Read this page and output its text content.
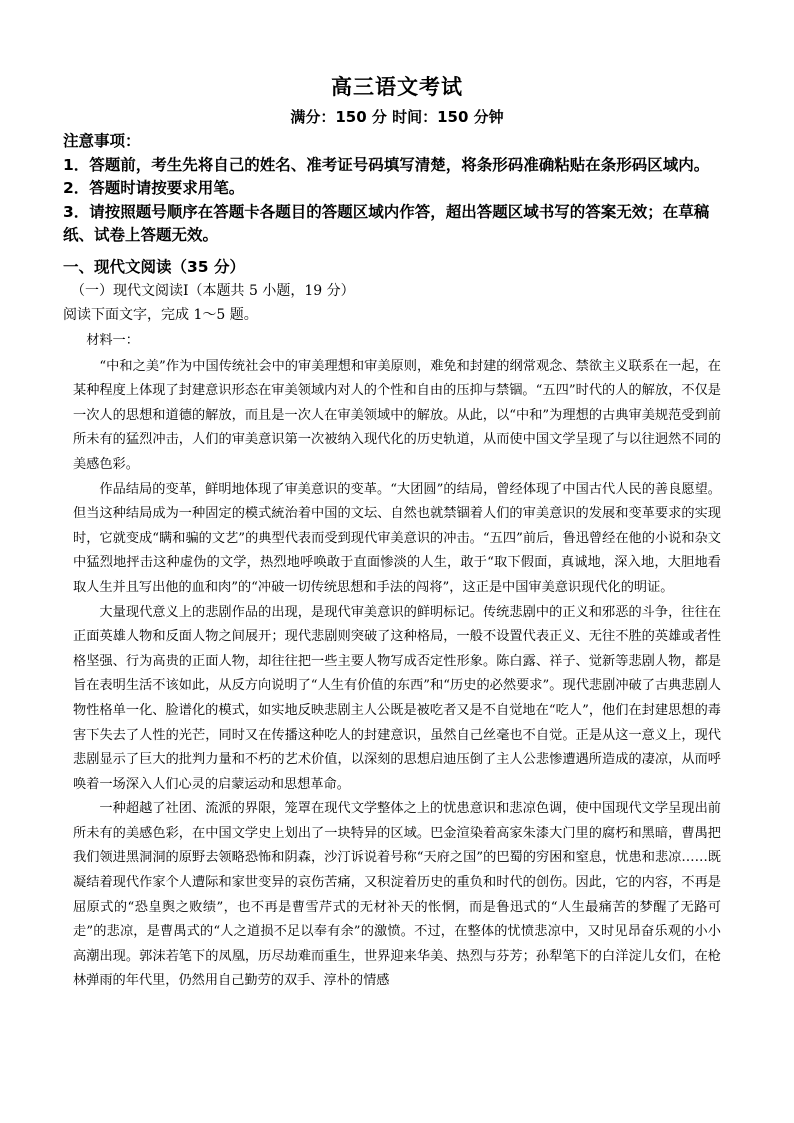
高三语文考试
满分：150 分 时间：150 分钟

注意事项：

1．答题前，考生先将自己的姓名、准考证号码填写清楚，将条形码准确粘贴在条形码区域内。

2．答题时请按要求用笔。

3．请按照题号顺序在答题卡各题目的答题区域内作答，超出答题区域书写的答案无效；在草稿纸、试卷上答题无效。

一、现代文阅读（35 分）

（一）现代文阅读Ⅰ（本题共 5 小题，19 分）

阅读下面文字，完成 1～5 题。

材料一：

“中和之美”作为中国传统社会中的审美理想和审美原则，难免和封建的纲常观念、禁欲主义联系在一起，在某种程度上体现了封建意识形态在审美领域内对人的个性和自由的压抑与禁锢。“五四”时代的人的解放，不仅是一次人的思想和道德的解放，而且是一次人在审美领域中的解放。从此，以“中和”为理想的古典审美规范受到前所未有的猛烈冲击，人们的审美意识第一次被纳入现代化的历史轨道，从而使中国文学呈现了与以往迥然不同的美感色彩。

作品结局的变革，鲜明地体现了审美意识的变革。“大团圆”的结局，曾经体现了中国古代人民的善良愿望。但当这种结局成为一种固定的模式統治着中国的文坛、自然也就禁锢着人们的审美意识的发展和变革要求的实现时，它就变成“瞒和骗的文艺”的典型代表而受到现代审美意识的冲击。“五四”前后，鲁迅曾经在他的小说和杂文中猛烈地抨击这种虚伪的文学，热烈地呼唤敢于直面惨淡的人生，敢于“取下假面，真诚地，深入地，大胆地看取人生并且写出他的血和肉”的“冲破一切传统思想和手法的闯将”，这正是中国审美意识现代化的明证。

大量现代意义上的悲剧作品的出现，是现代审美意识的鲜明标记。传统悲剧中的正义和邪恶的斗争，往往在正面英雄人物和反面人物之间展开；现代悲剧则突破了这种格局，一般不设置代表正义、无往不胜的英雄或者性格坚强、行为高贵的正面人物，却往往把一些主要人物写成否定性形象。陈白露、祥子、觉新等悲剧人物，都是旨在表明生活不该如此，从反方向说明了“人生有价值的东西”和“历史的必然要求”。现代悲剧冲破了古典悲剧人物性格单一化、脸谱化的模式，如实地反映悲剧主人公既是被吃者又是不自觉地在“吃人”，他们在封建思想的毒害下失去了人性的光芒，同时又在传播这种吃人的封建意识，虽然自己丝毫也不自觉。正是从这一意义上，现代悲剧显示了巨大的批判力量和不朽的艺术价值，以深刻的思想启迪压倒了主人公悲惨遭遇所造成的凄凉，从而呼唤着一场深入人们心灵的启蒙运动和思想革命。

一种超越了社团、流派的界限，笼罩在现代文学整体之上的忧患意识和悲凉色调，使中国现代文学呈现出前所未有的美感色彩，在中国文学史上划出了一块特异的区域。巴金渲染着高家朱漆大门里的腐朽和黑暗，曹禺把我们领进黑洞洞的原野去领略恐怖和阴森，沙汀诉说着号称“天府之国”的巴蜀的穷困和窒息，忧患和悲凉……既凝结着现代作家个人遭际和家世变异的哀伤苦痛，又积淀着历史的重负和时代的创伤。因此，它的内容，不再是屈原式的“恐皇舆之败绩”，也不再是曹雪芹式的无材补天的怅惘，而是鲁迅式的“人生最痛苦的梦醒了无路可走”的悲凉，是曹禺式的“人之道损不足以奉有余”的激愤。不过，在整体的忧愤悲凉中，又时见昂奋乐观的小小高潮出现。郭沫若笔下的凤凰，历尽劫难而重生，世界迎来华美、热烈与芬芳；孙犁笔下的白洋淀儿女们，在枪林弹雨的年代里，仍然用自己勤劳的双手、淳朴的情感
